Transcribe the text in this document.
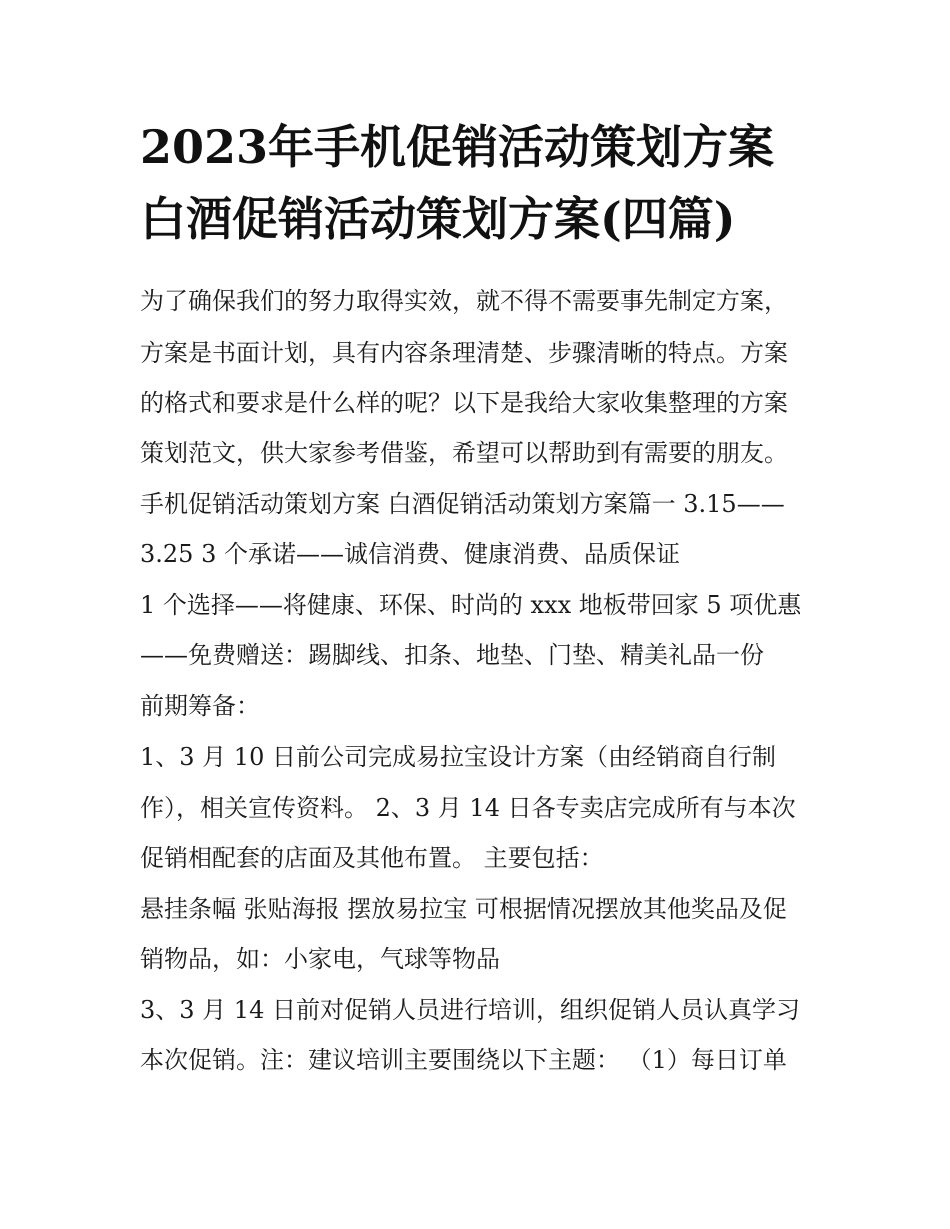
2023年手机促销活动策划方案
白酒促销活动策划方案(四篇)

为了确保我们的努力取得实效，就不得不需要事先制定方案，

方案是书面计划，具有内容条理清楚、步骤清晰的特点。方案

的格式和要求是什么样的呢？以下是我给大家收集整理的方案

策划范文，供大家参考借鉴，希望可以帮助到有需要的朋友。

手机促销活动策划方案 白酒促销活动策划方案篇一 3.15——

3.25 3 个承诺——诚信消费、健康消费、品质保证

1 个选择——将健康、环保、时尚的 xxx 地板带回家 5 项优惠

——免费赠送：踢脚线、扣条、地垫、门垫、精美礼品一份

前期筹备：

1、3 月 10 日前公司完成易拉宝设计方案（由经销商自行制

作），相关宣传资料。 2、3 月 14 日各专卖店完成所有与本次

促销相配套的店面及其他布置。 主要包括：

悬挂条幅 张贴海报 摆放易拉宝 可根据情况摆放其他奖品及促

销物品，如：小家电，气球等物品

3、3 月 14 日前对促销人员进行培训，组织促销人员认真学习

本次促销。注：建议培训主要围绕以下主题： （1）每日订单
